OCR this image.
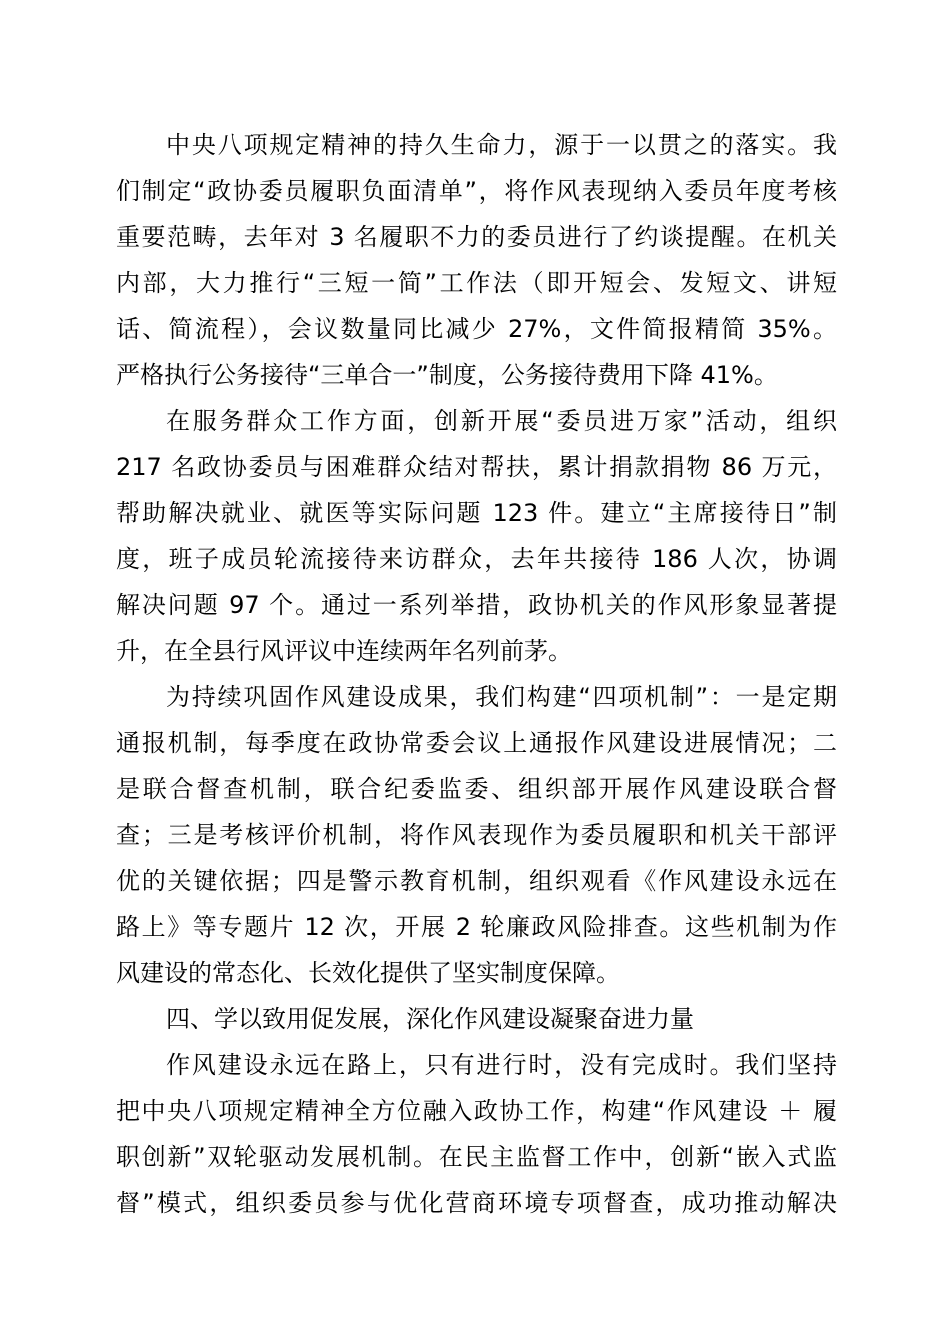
中央八项规定精神的持久生命力，源于一以贯之的落实。我
们制定“政协委员履职负面清单”，将作风表现纳入委员年度考核
重要范畴，去年对 3 名履职不力的委员进行了约谈提醒。在机关
内部，大力推行“三短一简”工作法（即开短会、发短文、讲短
话、简流程），会议数量同比减少 27%，文件简报精简 35%。
严格执行公务接待“三单合一”制度，公务接待费用下降 41%。
在服务群众工作方面，创新开展“委员进万家”活动，组织
217 名政协委员与困难群众结对帮扶，累计捐款捐物 86 万元，
帮助解决就业、就医等实际问题 123 件。建立“主席接待日”制
度，班子成员轮流接待来访群众，去年共接待 186 人次，协调
解决问题 97 个。通过一系列举措，政协机关的作风形象显著提
升，在全县行风评议中连续两年名列前茅。
为持续巩固作风建设成果，我们构建“四项机制”：一是定期
通报机制，每季度在政协常委会议上通报作风建设进展情况；二
是联合督查机制，联合纪委监委、组织部开展作风建设联合督
查；三是考核评价机制，将作风表现作为委员履职和机关干部评
优的关键依据；四是警示教育机制，组织观看《作风建设永远在
路上》等专题片 12 次，开展 2 轮廉政风险排查。这些机制为作
风建设的常态化、长效化提供了坚实制度保障。
四、学以致用促发展，深化作风建设凝聚奋进力量
作风建设永远在路上，只有进行时，没有完成时。我们坚持
把中央八项规定精神全方位融入政协工作，构建“作风建设 ＋ 履
职创新”双轮驱动发展机制。在民主监督工作中，创新“嵌入式监
督”模式，组织委员参与优化营商环境专项督查，成功推动解决
